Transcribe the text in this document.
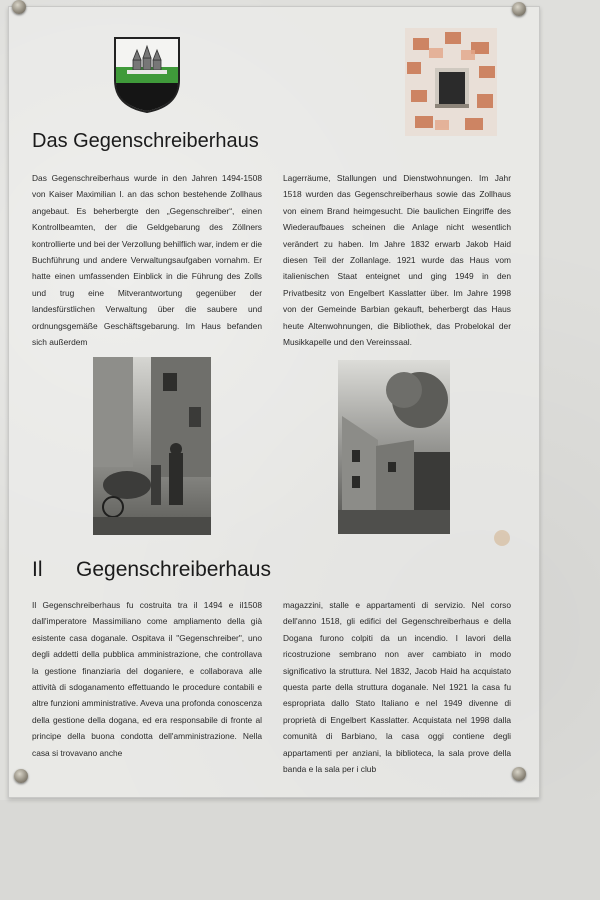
Das Gegenschreiberhaus

Das Gegenschreiberhaus wurde in den Jahren 1494-1508 von Kaiser Maximilian I. an das schon bestehende Zollhaus angebaut. Es beherbergte den „Gegenschreiber“, einen Kontrollbeamten, der die Geldgebarung des Zöllners kontrollierte und bei der Verzollung behilflich war, indem er die Buchführung und andere Verwaltungsaufgaben vornahm. Er hatte einen umfassenden Einblick in die Führung des Zolls und trug eine Mitverantwortung gegenüber der landesfürstlichen Verwaltung über die saubere und ordnungsgemäße Geschäftsgebarung. Im Haus befanden sich außerdem

Lagerräume, Stallungen und Dienstwohnungen. Im Jahr 1518 wurden das Gegenschreiberhaus sowie das Zollhaus von einem Brand heimgesucht. Die baulichen Eingriffe des Wiederaufbaues scheinen die Anlage nicht wesentlich verändert zu haben. Im Jahre 1832 erwarb Jakob Haid diesen Teil der Zollanlage. 1921 wurde das Haus vom italienischen Staat enteignet und ging 1949 in den Privatbesitz von Engelbert Kasslatter über. Im Jahre 1998 von der Gemeinde Barbian gekauft, beherbergt das Haus heute Altenwohnungen, die Bibliothek, das Probelokal der Musikkapelle und den Vereinssaal.

Il Gegenschreiberhaus

Il Gegenschreiberhaus fu costruita tra il 1494 e il1508 dall'imperatore Massimiliano come ampliamento della già esistente casa doganale. Ospitava il "Gegenschreiber", uno degli addetti della pubblica amministrazione, che controllava la gestione finanziaria del doganiere, e collaborava alle attività di sdoganamento effettuando le procedure contabili e altre funzioni amministrative. Aveva una profonda conoscenza della gestione della dogana, ed era responsabile di fronte al principe della buona condotta dell'amministrazione. Nella casa si trovavano anche

magazzini, stalle e appartamenti di servizio. Nel corso dell'anno 1518, gli edifici del Gegenschreiberhaus e della Dogana furono colpiti da un incendio. I lavori della ricostruzione sembrano non aver cambiato in modo significativo la struttura. Nel 1832, Jacob Haid ha acquistato questa parte della struttura doganale. Nel 1921 la casa fu espropriata dallo Stato Italiano e nel 1949 divenne di proprietà di Engelbert Kasslatter. Acquistata nel 1998 dalla comunità di Barbiano, la casa oggi contiene degli appartamenti per anziani, la biblioteca, la sala prove della banda e la sala per i club
